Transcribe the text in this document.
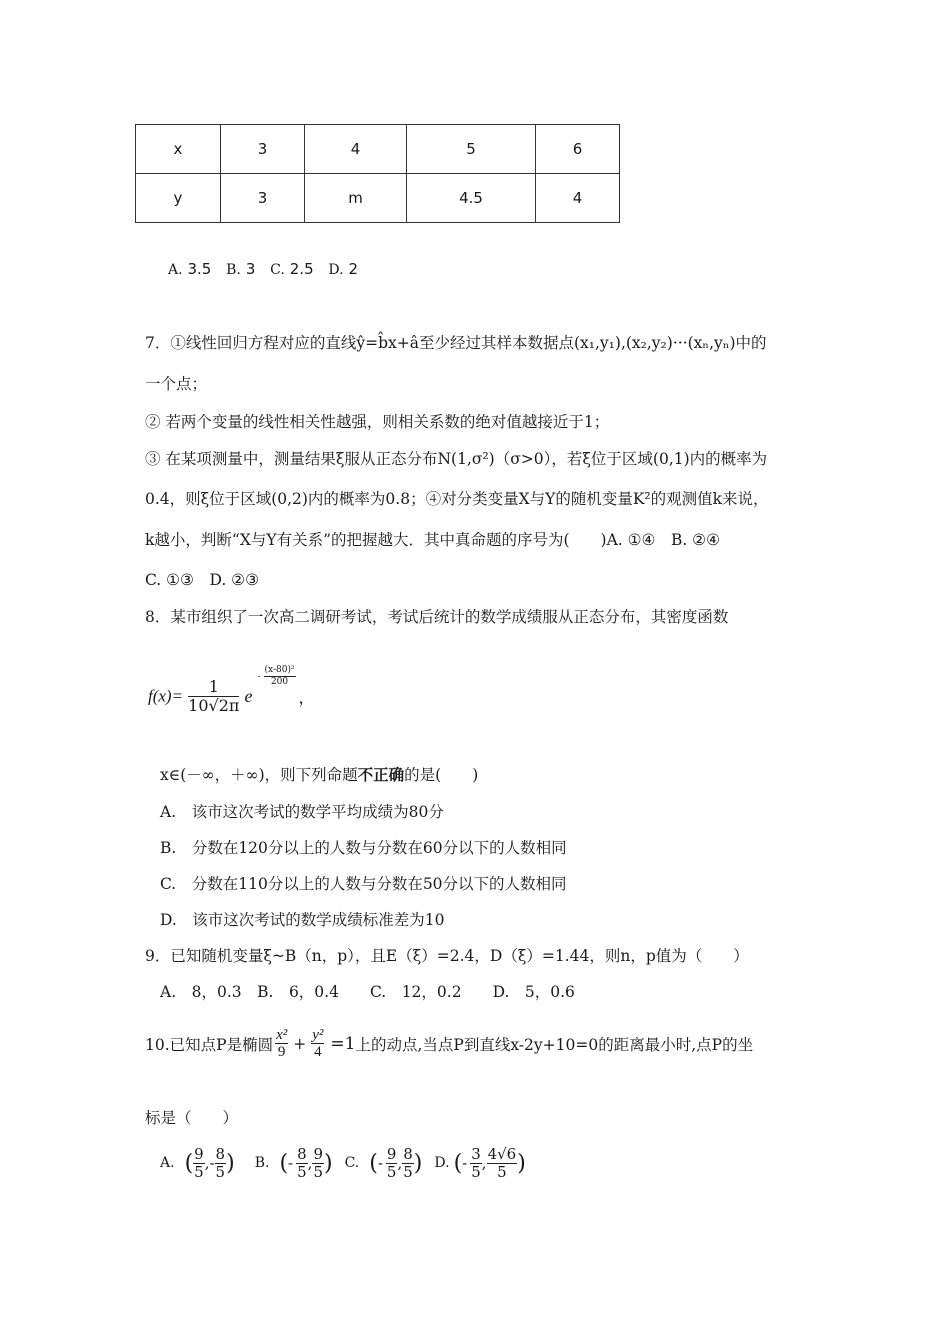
x	3	4	5	6
y	3	m	4.5	4
A. 3.5 B. 3 C. 2.5 D. 2
7．①线性回归方程对应的直线ŷ=b̂x+â至少经过其样本数据点(x₁,y₁),(x₂,y₂)···(xₙ,yₙ)中的
一个点；
② 若两个变量的线性相关性越强，则相关系数的绝对值越接近于1；
③ 在某项测量中，测量结果ξ服从正态分布N(1,σ²)（σ>0），若ξ位于区域(0,1)内的概率为
0.4，则ξ位于区域(0,2)内的概率为0.8；④对分类变量X与Y的随机变量K²的观测值k来说，
k越小，判断“X与Y有关系”的把握越大．其中真命题的序号为(　　)A. ①④　B. ②④
C. ①③　D. ②③
8．某市组织了一次高二调研考试，考试后统计的数学成绩服从正态分布，其密度函数
$f(x)= \frac{1}{10√2\pi}$ e $^{- \frac{\text{(x-80)²}}{200}}$
，
x∈(－∞，＋∞)，则下列命题不正确的是(　　)
A.　该市这次考试的数学平均成绩为80分
B.　分数在120分以上的人数与分数在60分以下的人数相同
C.　分数在110分以上的人数与分数在50分以下的人数相同
D.　该市这次考试的数学成绩标准差为10
9．已知随机变量ξ~B（n，p），且E（ξ）=2.4，D（ξ）=1.44，则n，p值为（　　）
A.　8，0.3　B.　6，0.4　　C.　12，0.2　　D.　5，0.6
10.已知点P是椭圆 $\frac{\text{x²}}{9} + \frac{\text{y²}}{4} =1$ 上的动点,当点P到直线x-2y+10=0的距离最小时,点P的坐
标是（　　）
A. ( $\frac{9}{5}$ ,- $\frac{8}{5}$ ) B. ( - $\frac{8}{5}$ , $\frac{9}{5}$ ) C. ( - $\frac{9}{5}$ , $\frac{8}{5}$ ) D. ( - $\frac{3}{5}$ , $\frac{4√6}{5}$ )
